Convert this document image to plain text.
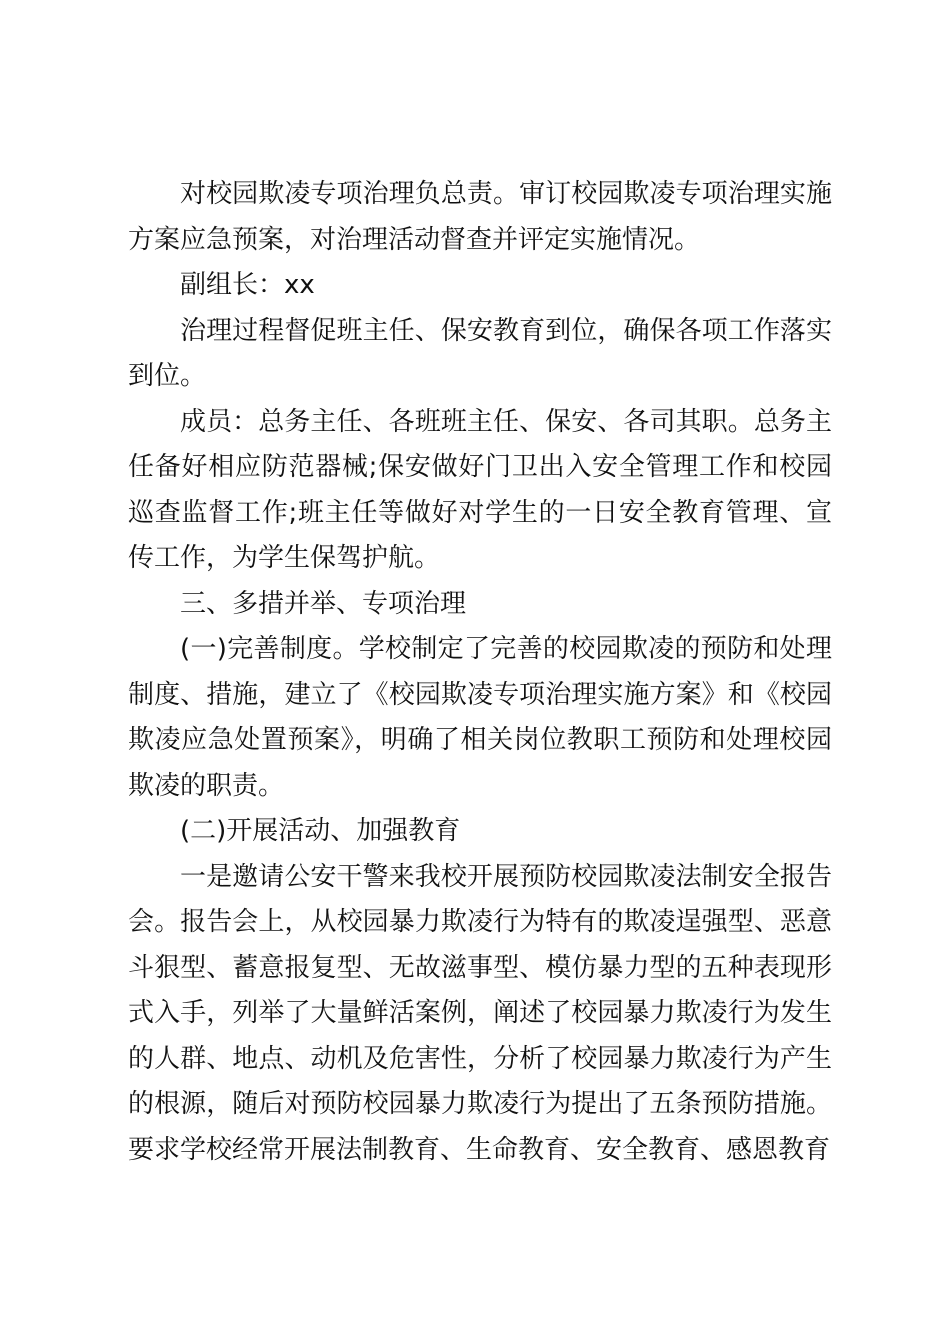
对校园欺凌专项治理负总责。审订校园欺凌专项治理实施方案应急预案，对治理活动督查并评定实施情况。

副组长：xx

治理过程督促班主任、保安教育到位，确保各项工作落实到位。

成员：总务主任、各班班主任、保安、各司其职。总务主任备好相应防范器械;保安做好门卫出入安全管理工作和校园巡查监督工作;班主任等做好对学生的一日安全教育管理、宣传工作，为学生保驾护航。

三、多措并举、专项治理

(一)完善制度。学校制定了完善的校园欺凌的预防和处理制度、措施，建立了《校园欺凌专项治理实施方案》和《校园欺凌应急处置预案》，明确了相关岗位教职工预防和处理校园欺凌的职责。

(二)开展活动、加强教育

一是邀请公安干警来我校开展预防校园欺凌法制安全报告会。报告会上，从校园暴力欺凌行为特有的欺凌逞强型、恶意斗狠型、蓄意报复型、无故滋事型、模仿暴力型的五种表现形式入手，列举了大量鲜活案例，阐述了校园暴力欺凌行为发生的人群、地点、动机及危害性，分析了校园暴力欺凌行为产生的根源，随后对预防校园暴力欺凌行为提出了五条预防措施。要求学校经常开展法制教育、生命教育、安全教育、感恩教育
